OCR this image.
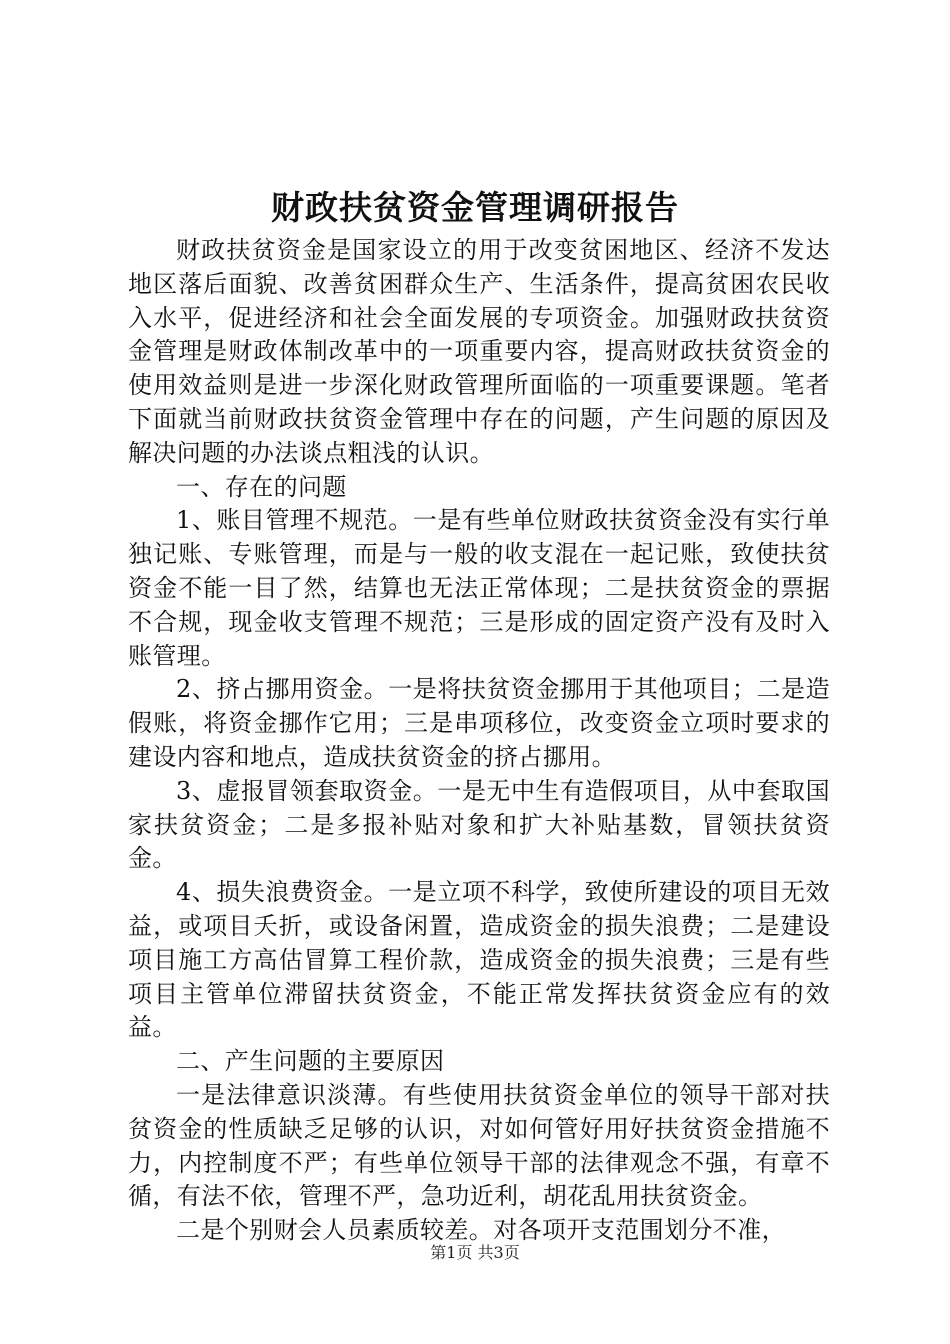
财政扶贫资金管理调研报告

财政扶贫资金是国家设立的用于改变贫困地区、经济不发达地区落后面貌、改善贫困群众生产、生活条件，提高贫困农民收入水平，促进经济和社会全面发展的专项资金。加强财政扶贫资金管理是财政体制改革中的一项重要内容，提高财政扶贫资金的使用效益则是进一步深化财政管理所面临的一项重要课题。笔者下面就当前财政扶贫资金管理中存在的问题，产生问题的原因及解决问题的办法谈点粗浅的认识。

一、存在的问题

1、账目管理不规范。一是有些单位财政扶贫资金没有实行单独记账、专账管理，而是与一般的收支混在一起记账，致使扶贫资金不能一目了然，结算也无法正常体现；二是扶贫资金的票据不合规，现金收支管理不规范；三是形成的固定资产没有及时入账管理。

2、挤占挪用资金。一是将扶贫资金挪用于其他项目；二是造假账，将资金挪作它用；三是串项移位，改变资金立项时要求的建设内容和地点，造成扶贫资金的挤占挪用。

3、虚报冒领套取资金。一是无中生有造假项目，从中套取国家扶贫资金；二是多报补贴对象和扩大补贴基数，冒领扶贫资金。

4、损失浪费资金。一是立项不科学，致使所建设的项目无效益，或项目夭折，或设备闲置，造成资金的损失浪费；二是建设项目施工方高估冒算工程价款，造成资金的损失浪费；三是有些项目主管单位滞留扶贫资金，不能正常发挥扶贫资金应有的效益。

二、产生问题的主要原因

一是法律意识淡薄。有些使用扶贫资金单位的领导干部对扶贫资金的性质缺乏足够的认识，对如何管好用好扶贫资金措施不力，内控制度不严；有些单位领导干部的法律观念不强，有章不循，有法不依，管理不严，急功近利，胡花乱用扶贫资金。

二是个别财会人员素质较差。对各项开支范围划分不准，

第1页 共3页
